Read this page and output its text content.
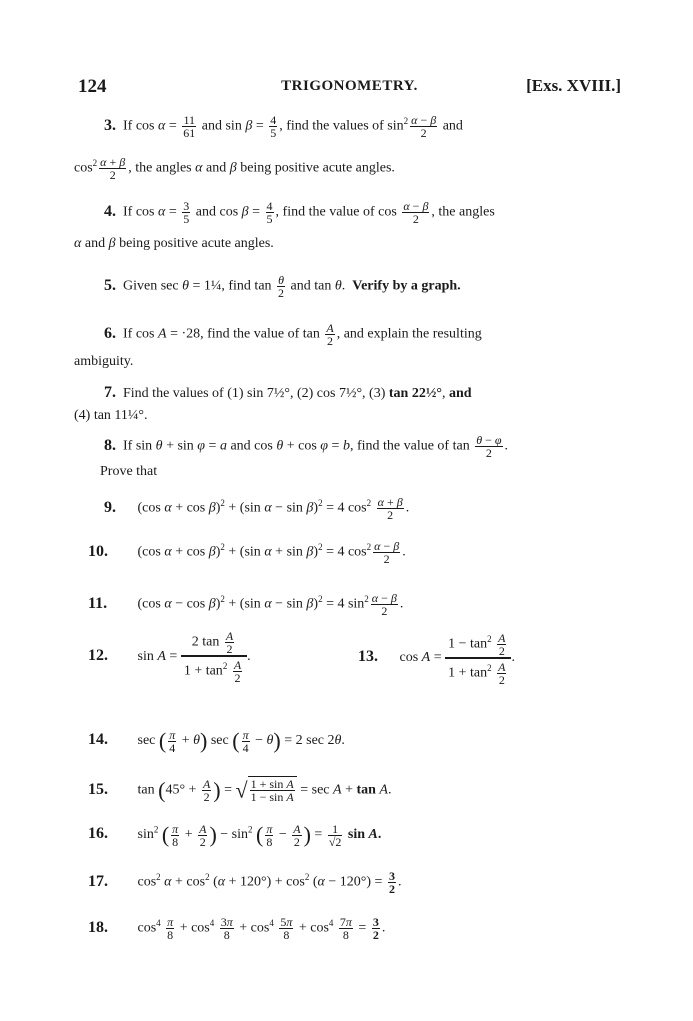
124	TRIGONOMETRY.	[Exs. XVIII.]
3.  If $\cos \alpha = \frac{11}{61}$ and $\sin \beta = \frac{4}{5}$ , find the values of $\sin^2 \frac{\alpha - \beta}{2}$ and
$\cos^2 \frac{\alpha + \beta}{2}$ , the angles α and β being positive acute angles.
4.  If $\cos \alpha = \frac{3}{5}$ and $\cos \beta = \frac{4}{5}$ , find the value of $\cos \frac{\alpha - \beta}{2}$ , the angles
α and β being positive acute angles.
5.  Given sec θ = 1¼, find $\tan \frac{\theta}{2}$ and tan θ.  Verify by a graph.
6.  If cos A = ·28, find the value of $\tan \frac{A}{2}$ , and explain the resulting
ambiguity.
7.  Find the values of (1) sin 7½°, (2) cos 7½°, (3) tan 22½°, and
(4) tan 11¼°.
8.  If sin θ + sin φ = a and cos θ + cos φ = b, find the value of $\tan \frac{\theta - \varphi}{2}$ .
Prove that
9. (cos α + cos β)$^2$ + (sin α − sin β)$^2$ = 4 $\cos^2 \frac{\alpha + \beta}{2}$ .
10. (cos α + cos β)$^2$ + (sin α + sin β)$^2$ = 4 $\cos^2 \frac{\alpha - \beta}{2}$ .
11. (cos α − cos β)$^2$ + (sin α − sin β)$^2$ = 4 $\sin^2 \frac{\alpha - \beta}{2}$ .
12. $\sin A = \frac{2 \tan \frac{A}{2}}{1 + \tan^2 \frac{A}{2}}$ .	13. $\cos A = \frac{1 - \tan^2 \frac{A}{2}}{1 + \tan^2 \frac{A}{2}}$ .
14. sec ( $\frac{\pi}{4} + \theta$) sec ( $\frac{\pi}{4} - \theta) = 2$ sec 2θ.
15. $\tan (45^\circ + \frac{A}{2}$ ) = √ $\frac{\text{1 + sin A}}{\text{1 − sin A}} = \sec A + \tan A$.
16. $\sin^2$ ( $\frac{\pi}{8} + \frac{A}{2}$ ) − $\sin^2$ ( $\frac{\pi}{8} - \frac{A}{2}$ ) = $\frac{1}{√2}$ sin A.
17. $\cos^2 \alpha + \cos^2 (\alpha + 120^\circ) + \cos^2 (\alpha - 120^\circ) = \frac{3}{2}$ .
18. $\cos^4 \frac{\pi}{8} + \cos^4 \frac{3\pi}{8} + \cos^4 \frac{5\pi}{8} + \cos^4 \frac{7\pi}{8} = \frac{3}{2}$ .
